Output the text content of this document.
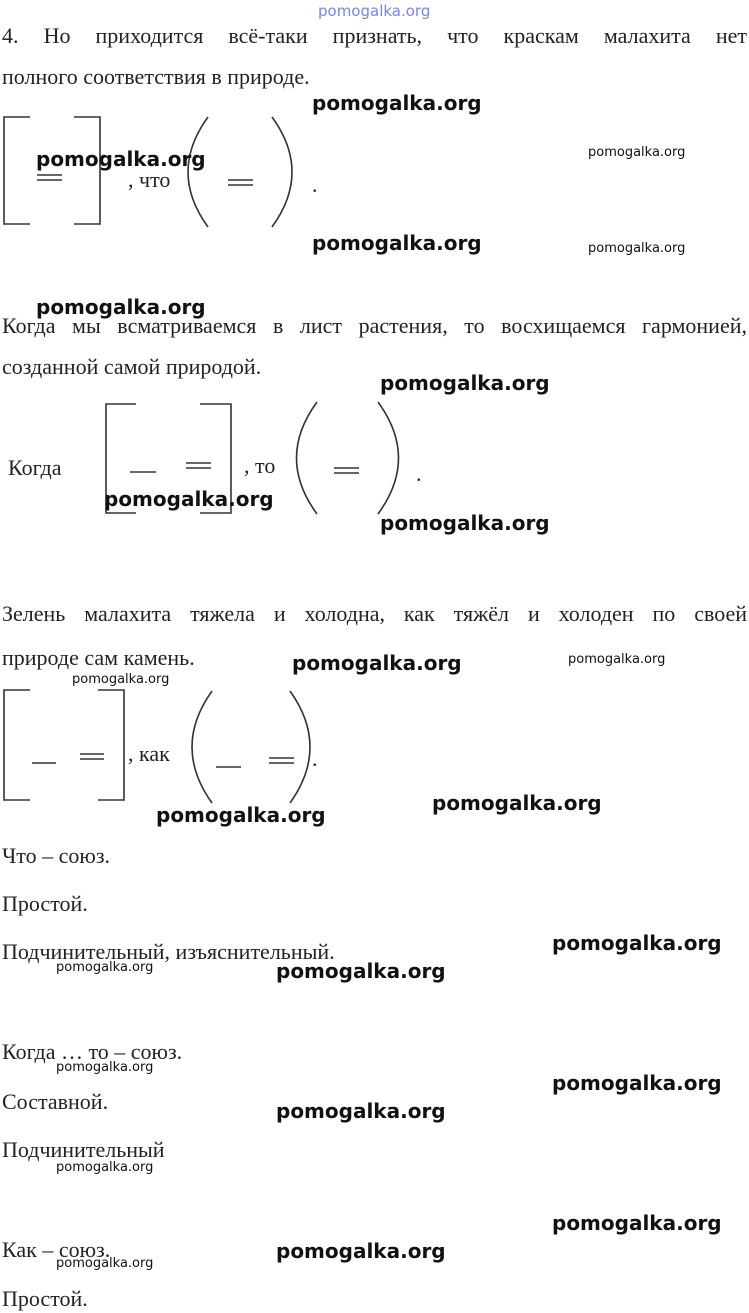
pomogalka.org
4. Но приходится всё-таки признать, что краскам малахита нет
полного соответствия в природе.
, что	.
Когда мы всматриваемся в лист растения, то восхищаемся гармонией,
созданной самой природой.
Когда	, то	.
Зелень малахита тяжела и холодна, как тяжёл и холоден по своей
природе сам камень.
, как	.
Что – союз.
Простой.
Подчинительный, изъяснительный.
Когда … то – союз.
Составной.
Подчинительный
Как – союз.
Простой.
pomogalka.org
pomogalka.org	pomogalka.org
pomogalka.org	pomogalka.org
pomogalka.org
pomogalka.org
pomogalka.org
pomogalka.org
pomogalka.org	pomogalka.org
pomogalka.org
pomogalka.org
pomogalka.org
pomogalka.org
pomogalka.org	pomogalka.org
pomogalka.org
pomogalka.org
pomogalka.org
pomogalka.org
pomogalka.org
pomogalka.org
pomogalka.org
